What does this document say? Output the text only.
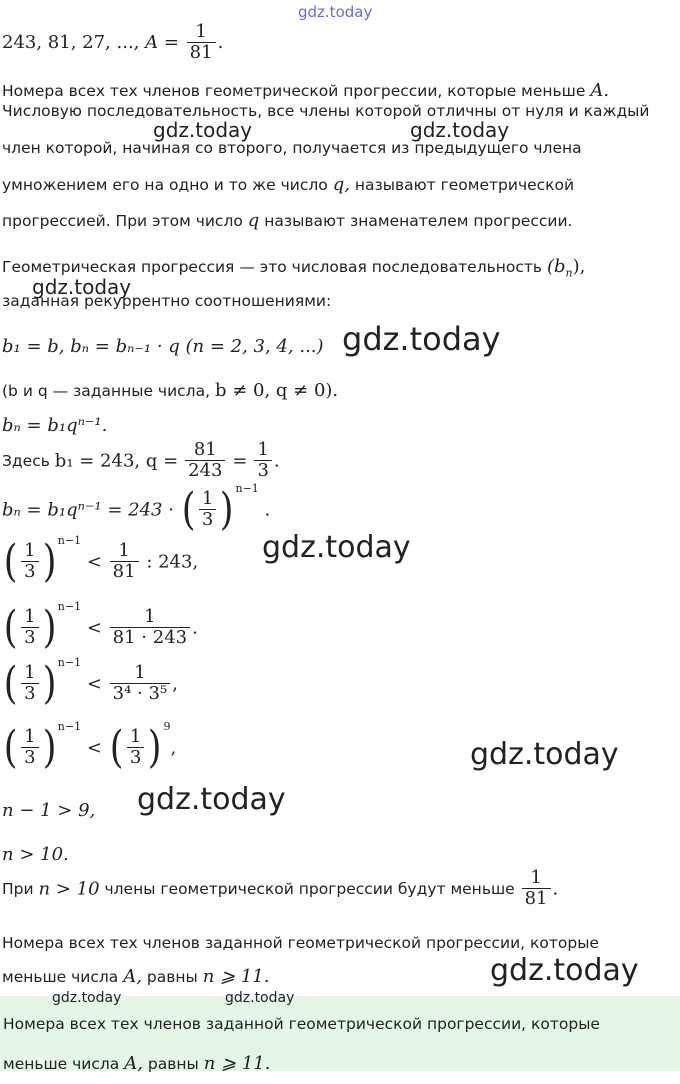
gdz.today
gdz.today	gdz.today
gdz.today
gdz.today
gdz.today
gdz.today
gdz.today
gdz.today
243, 81, 27, ..., $A = \frac{1}{81}$ .
Номера всех тех членов геометрической прогрессии, которые меньше A.
Числовую последовательность, все члены которой отличны от нуля и каждый
член которой, начиная со второго, получается из предыдущего члена
умножением его на одно и то же число q, называют геометрической
прогрессией. При этом число q называют знаменателем прогрессии.
Геометрическая прогрессия — это числовая последовательность $(b_n)$,
заданная рекуррентно соотношениями:
b₁ = b, bₙ = bₙ₋₁ · q (n = 2, 3, 4, ...)
(b и q — заданные числа, b ≠ 0, q ≠ 0).
bₙ = b₁qⁿ⁻¹.
Здесь b₁ = 243, $q = \frac{81}{243} = \frac{1}{3}$ .
bₙ = b₁qⁿ⁻¹ = 243 · ( $\frac{1}{3}$ ) $^{n-1}$ .
( $\frac{1}{3}$ ) $^{n-1} < \frac{1}{81}$ : 243,
( $\frac{1}{3}$ ) $^{n-1} < \frac{1}{81 \cdot 243}$ .
( $\frac{1}{3}$ ) $^{n-1} < \frac{1}{\text{3⁴ · 3⁵}}$ ,
( $\frac{1}{3}$ ) $^{n-1}$ < ( $\frac{1}{3}$ ) $^9$,
n − 1 > 9,
n > 10.
При n > 10 члены геометрической прогрессии будут меньше $\frac{1}{81}$ .
Номера всех тех членов заданной геометрической прогрессии, которые
меньше числа A, равны n ⩾ 11.
gdz.today	gdz.today
Номера всех тех членов заданной геометрической прогрессии, которые
меньше числа A, равны n ⩾ 11.
